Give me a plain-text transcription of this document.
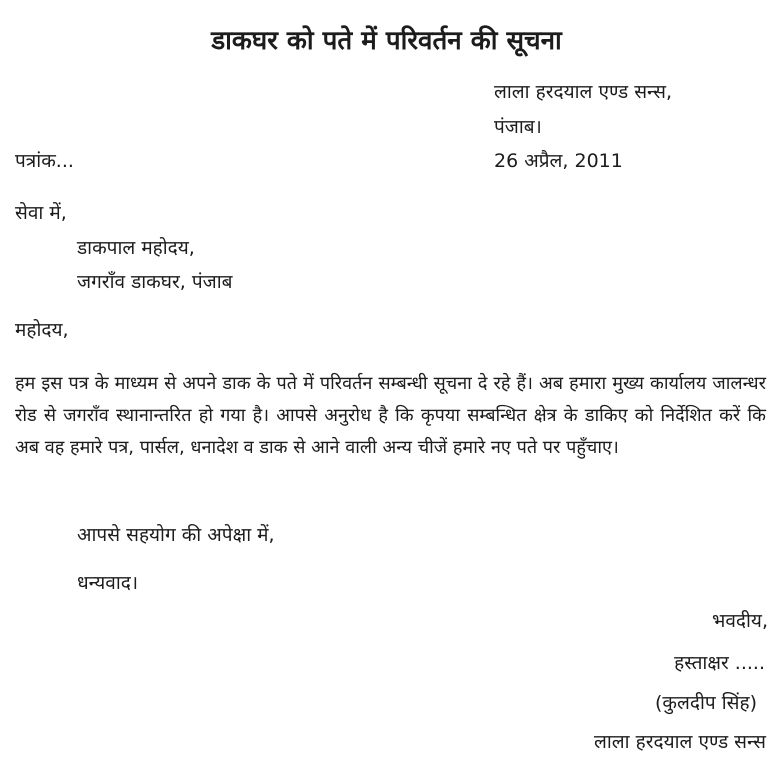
डाकघर को पते में परिवर्तन की सूचना
लाला हरदयाल एण्ड सन्स,
पंजाब।
26 अप्रैल, 2011
पत्रांक...
सेवा में,
डाकपाल महोदय,
जगराँव डाकघर, पंजाब
महोदय,
हम इस पत्र के माध्यम से अपने डाक के पते में परिवर्तन सम्बन्धी सूचना दे रहे हैं। अब हमारा मुख्य कार्यालय जालन्धर रोड से जगराँव स्थानान्तरित हो गया है। आपसे अनुरोध है कि कृपया सम्बन्धित क्षेत्र के डाकिए को निर्देशित करें कि अब वह हमारे पत्र, पार्सल, धनादेश व डाक से आने वाली अन्य चीजें हमारे नए पते पर पहुँचाए।
आपसे सहयोग की अपेक्षा में,
धन्यवाद।
भवदीय,
हस्ताक्षर .....
(कुलदीप सिंह)
लाला हरदयाल एण्ड सन्स
